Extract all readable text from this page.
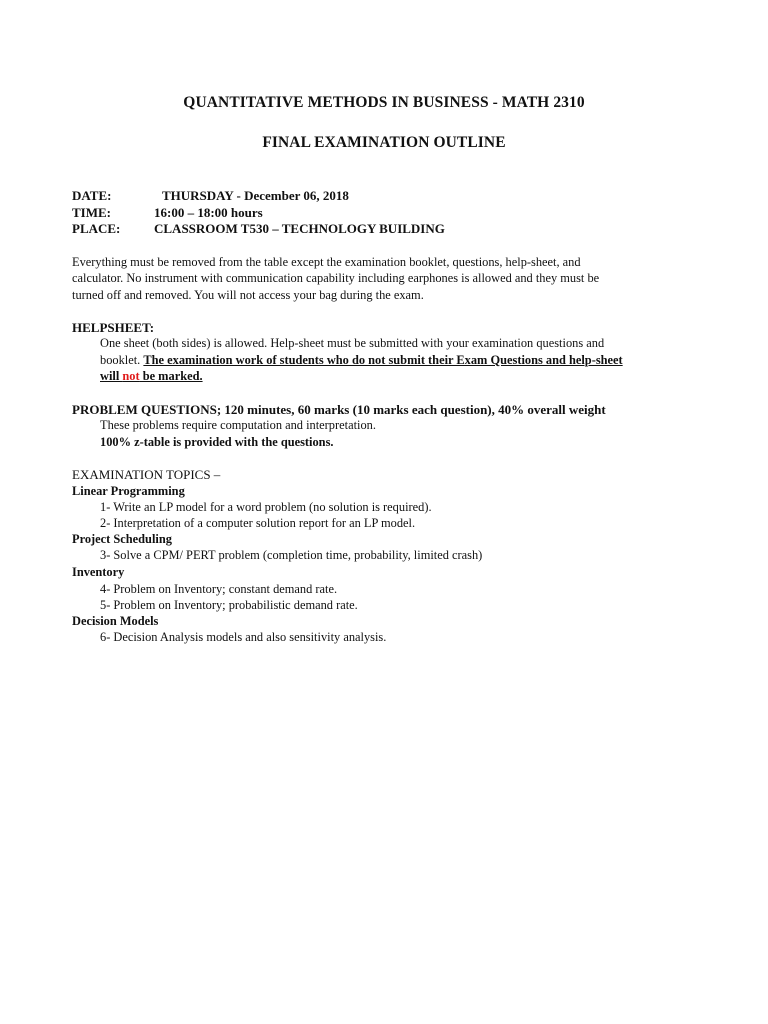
QUANTITATIVE METHODS IN BUSINESS - MATH 2310
FINAL EXAMINATION OUTLINE
DATE:	THURSDAY - December 06, 2018
TIME:	16:00 – 18:00 hours
PLACE:	CLASSROOM T530 – TECHNOLOGY BUILDING
Everything must be removed from the table except the examination booklet, questions, help-sheet, and
calculator. No instrument with communication capability including earphones is allowed and they must be
turned off and removed. You will not access your bag during the exam.
HELPSHEET:
One sheet (both sides) is allowed. Help-sheet must be submitted with your examination questions and
booklet. The examination work of students who do not submit their Exam Questions and help-sheet
will not be marked.
PROBLEM QUESTIONS; 120 minutes, 60 marks (10 marks each question), 40% overall weight
These problems require computation and interpretation.
100% z-table is provided with the questions.
EXAMINATION TOPICS –
Linear Programming
1- Write an LP model for a word problem (no solution is required).
2- Interpretation of a computer solution report for an LP model.
Project Scheduling
3- Solve a CPM/ PERT problem (completion time, probability, limited crash)
Inventory
4- Problem on Inventory; constant demand rate.
5- Problem on Inventory; probabilistic demand rate.
Decision Models
6- Decision Analysis models and also sensitivity analysis.
